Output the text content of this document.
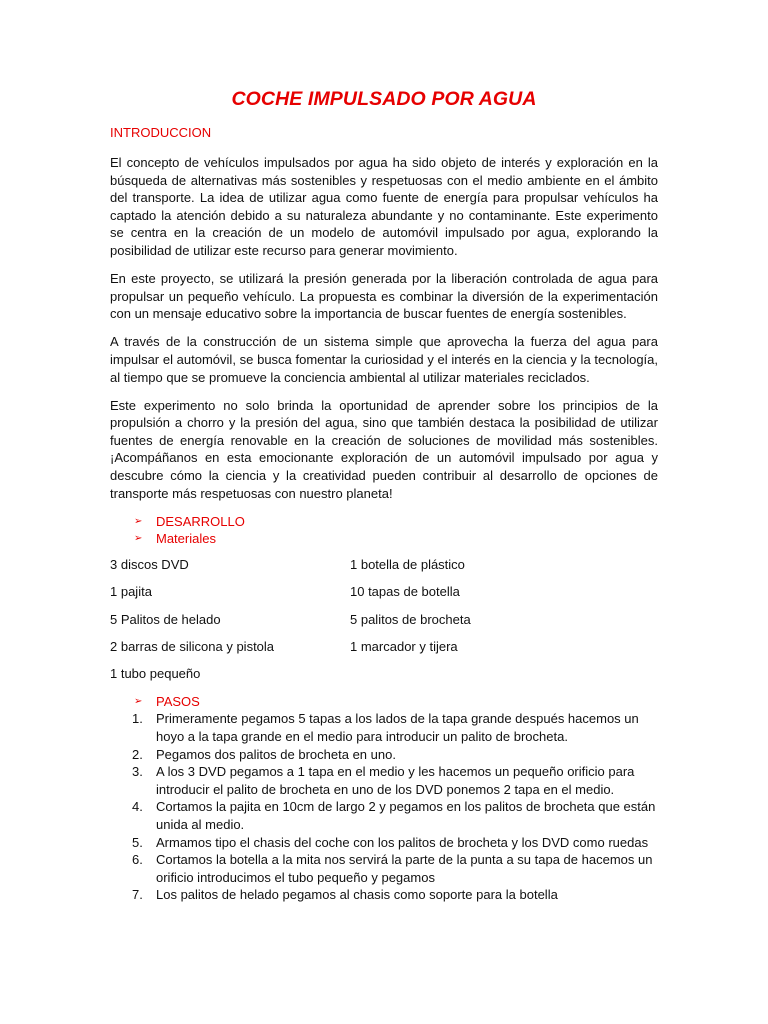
COCHE IMPULSADO POR AGUA
INTRODUCCION

El concepto de vehículos impulsados por agua ha sido objeto de interés y exploración en la búsqueda de alternativas más sostenibles y respetuosas con el medio ambiente en el ámbito del transporte. La idea de utilizar agua como fuente de energía para propulsar vehículos ha captado la atención debido a su naturaleza abundante y no contaminante. Este experimento se centra en la creación de un modelo de automóvil impulsado por agua, explorando la posibilidad de utilizar este recurso para generar movimiento.

En este proyecto, se utilizará la presión generada por la liberación controlada de agua para propulsar un pequeño vehículo. La propuesta es combinar la diversión de la experimentación con un mensaje educativo sobre la importancia de buscar fuentes de energía sostenibles.

A través de la construcción de un sistema simple que aprovecha la fuerza del agua para impulsar el automóvil, se busca fomentar la curiosidad y el interés en la ciencia y la tecnología, al tiempo que se promueve la conciencia ambiental al utilizar materiales reciclados.

Este experimento no solo brinda la oportunidad de aprender sobre los principios de la propulsión a chorro y la presión del agua, sino que también destaca la posibilidad de utilizar fuentes de energía renovable en la creación de soluciones de movilidad más sostenibles. ¡Acompáñanos en esta emocionante exploración de un automóvil impulsado por agua y descubre cómo la ciencia y la creatividad pueden contribuir al desarrollo de opciones de transporte más respetuosas con nuestro planeta!

➢	DESARROLLO
➢	Materiales
3 discos DVD	1 botella de plástico
1 pajita	10 tapas de botella
5 Palitos de helado	5 palitos de brocheta
2 barras de silicona y pistola	1 marcador y tijera
1 tubo pequeño
➢	PASOS
1.	Primeramente pegamos 5 tapas a los lados de la tapa grande después hacemos un hoyo a la tapa grande en el medio para introducir un palito de brocheta.
2.	Pegamos dos palitos de brocheta en uno.
3.	A los 3 DVD pegamos a 1 tapa en el medio y les hacemos un pequeño orificio para introducir el palito de brocheta en uno de los DVD ponemos 2 tapa en el medio.
4.	Cortamos la pajita en 10cm de largo 2 y pegamos en los palitos de brocheta que están unida al medio.
5.	Armamos tipo el chasis del coche con los palitos de brocheta y los DVD como ruedas
6.	Cortamos la botella a la mita nos servirá la parte de la punta a su tapa de hacemos un orificio introducimos el tubo pequeño y pegamos
7.	Los palitos de helado pegamos al chasis como soporte para la botella
